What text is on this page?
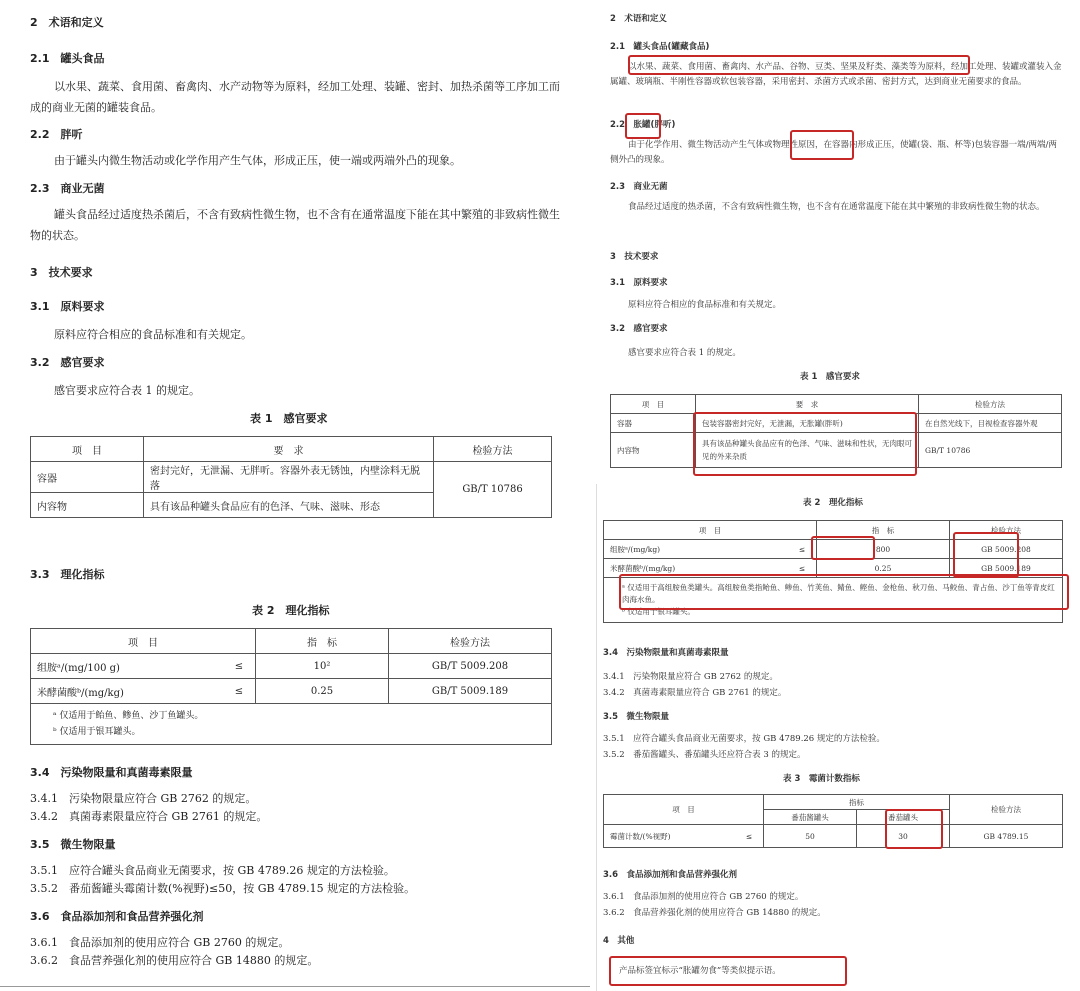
2　术语和定义
2.1　罐头食品
以水果、蔬菜、食用菌、畜禽肉、水产动物等为原料，经加工处理、装罐、密封、加热杀菌等工序加工而成的商业无菌的罐装食品。
2.2　胖听
由于罐头内微生物活动或化学作用产生气体，形成正压，使一端或两端外凸的现象。
2.3　商业无菌
罐头食品经过适度热杀菌后，不含有致病性微生物，也不含有在通常温度下能在其中繁殖的非致病性微生物的状态。
3　技术要求
3.1　原料要求
原料应符合相应的食品标准和有关规定。
3.2　感官要求
感官要求应符合表 1 的规定。
表 1　感官要求
项　目	要　求	检验方法
容器	密封完好，无泄漏、无胖听。容器外表无锈蚀，内壁涂料无脱落	GB/T 10786
内容物	具有该品种罐头食品应有的色泽、气味、滋味、形态	
3.3　理化指标
表 2　理化指标
项　目		指　标	检验方法
组胺ᵃ/(mg/100 g)	≤	10²	GB/T 5009.208
米酵菌酸ᵇ/(mg/kg)	≤	0.25	GB/T 5009.189

ᵃ 仅适用于鲐鱼、鲹鱼、沙丁鱼罐头。
ᵇ 仅适用于银耳罐头。			
3.4　污染物限量和真菌毒素限量
3.4.1　污染物限量应符合 GB 2762 的规定。
3.4.2　真菌毒素限量应符合 GB 2761 的规定。
3.5　微生物限量
3.5.1　应符合罐头食品商业无菌要求，按 GB 4789.26 规定的方法检验。
3.5.2　番茄酱罐头霉菌计数(%视野)≤50，按 GB 4789.15 规定的方法检验。
3.6　食品添加剂和食品营养强化剂
3.6.1　食品添加剂的使用应符合 GB 2760 的规定。
3.6.2　食品营养强化剂的使用应符合 GB 14880 的规定。
2　术语和定义
2.1　罐头食品(罐藏食品)
以水果、蔬菜、食用菌、畜禽肉、水产品、谷物、豆类、坚果及籽类、藻类等为原料，经加工处理、装罐或灌装入金属罐、玻璃瓶、半刚性容器或软包装容器，采用密封、杀菌方式或杀菌、密封方式，达到商业无菌要求的食品。
2.2　胀罐(胖听)
由于化学作用、微生物活动产生气体或物理性原因，在容器内形成正压，使罐(袋、瓶、杯等)包装容器一端/两端/两侧外凸的现象。
2.3　商业无菌
食品经过适度的热杀菌，不含有致病性微生物，也不含有在通常温度下能在其中繁殖的非致病性微生物的状态。
3　技术要求
3.1　原料要求
原料应符合相应的食品标准和有关规定。
3.2　感官要求
感官要求应符合表 1 的规定。
表 1　感官要求
项　目	要　求	检验方法
容器	包装容器密封完好，无泄漏，无胀罐(胖听)	在自然光线下，目视检查容器外观
内容物	具有该品种罐头食品应有的色泽、气味、滋味和性状，无肉眼可见的外来杂质	GB/T 10786
表 2　理化指标
项　目		指　标	检验方法
组胺ᵃ/(mg/kg)	≤	800	GB 5009.208
米酵菌酸ᵇ/(mg/kg)	≤	0.25	GB 5009.189

ᵃ 仅适用于高组胺鱼类罐头。高组胺鱼类指鲐鱼、鲹鱼、竹荚鱼、鲭鱼、鲣鱼、金枪鱼、秋刀鱼、马鲛鱼、青占鱼、沙丁鱼等青皮红肉海水鱼。
ᵇ 仅适用于银耳罐头。			
3.4　污染物限量和真菌毒素限量
3.4.1　污染物限量应符合 GB 2762 的规定。
3.4.2　真菌毒素限量应符合 GB 2761 的规定。
3.5　微生物限量
3.5.1　应符合罐头食品商业无菌要求，按 GB 4789.26 规定的方法检验。
3.5.2　番茄酱罐头、番茄罐头还应符合表 3 的规定。
表 3　霉菌计数指标
项　目		指标		检验方法
		番茄酱罐头	番茄罐头	
霉菌计数/(%视野)	≤	50	30	GB 4789.15
3.6　食品添加剂和食品营养强化剂
3.6.1　食品添加剂的使用应符合 GB 2760 的规定。
3.6.2　食品营养强化剂的使用应符合 GB 14880 的规定。
4　其他
产品标签宜标示“胀罐勿食”等类似提示语。
